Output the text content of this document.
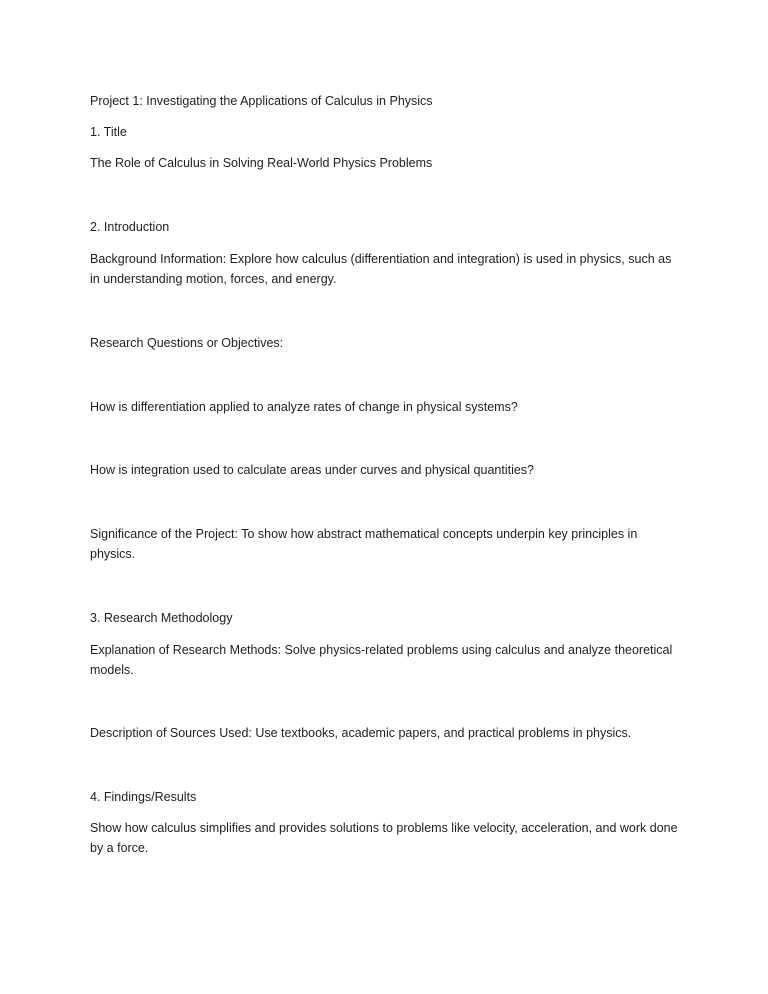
Project 1: Investigating the Applications of Calculus in Physics

1. Title

The Role of Calculus in Solving Real-World Physics Problems

2. Introduction

Background Information: Explore how calculus (differentiation and integration) is used in physics, such as in understanding motion, forces, and energy.

Research Questions or Objectives:

How is differentiation applied to analyze rates of change in physical systems?

How is integration used to calculate areas under curves and physical quantities?

Significance of the Project: To show how abstract mathematical concepts underpin key principles in physics.

3. Research Methodology

Explanation of Research Methods: Solve physics-related problems using calculus and analyze theoretical models.

Description of Sources Used: Use textbooks, academic papers, and practical problems in physics.

4. Findings/Results

Show how calculus simplifies and provides solutions to problems like velocity, acceleration, and work done by a force.
